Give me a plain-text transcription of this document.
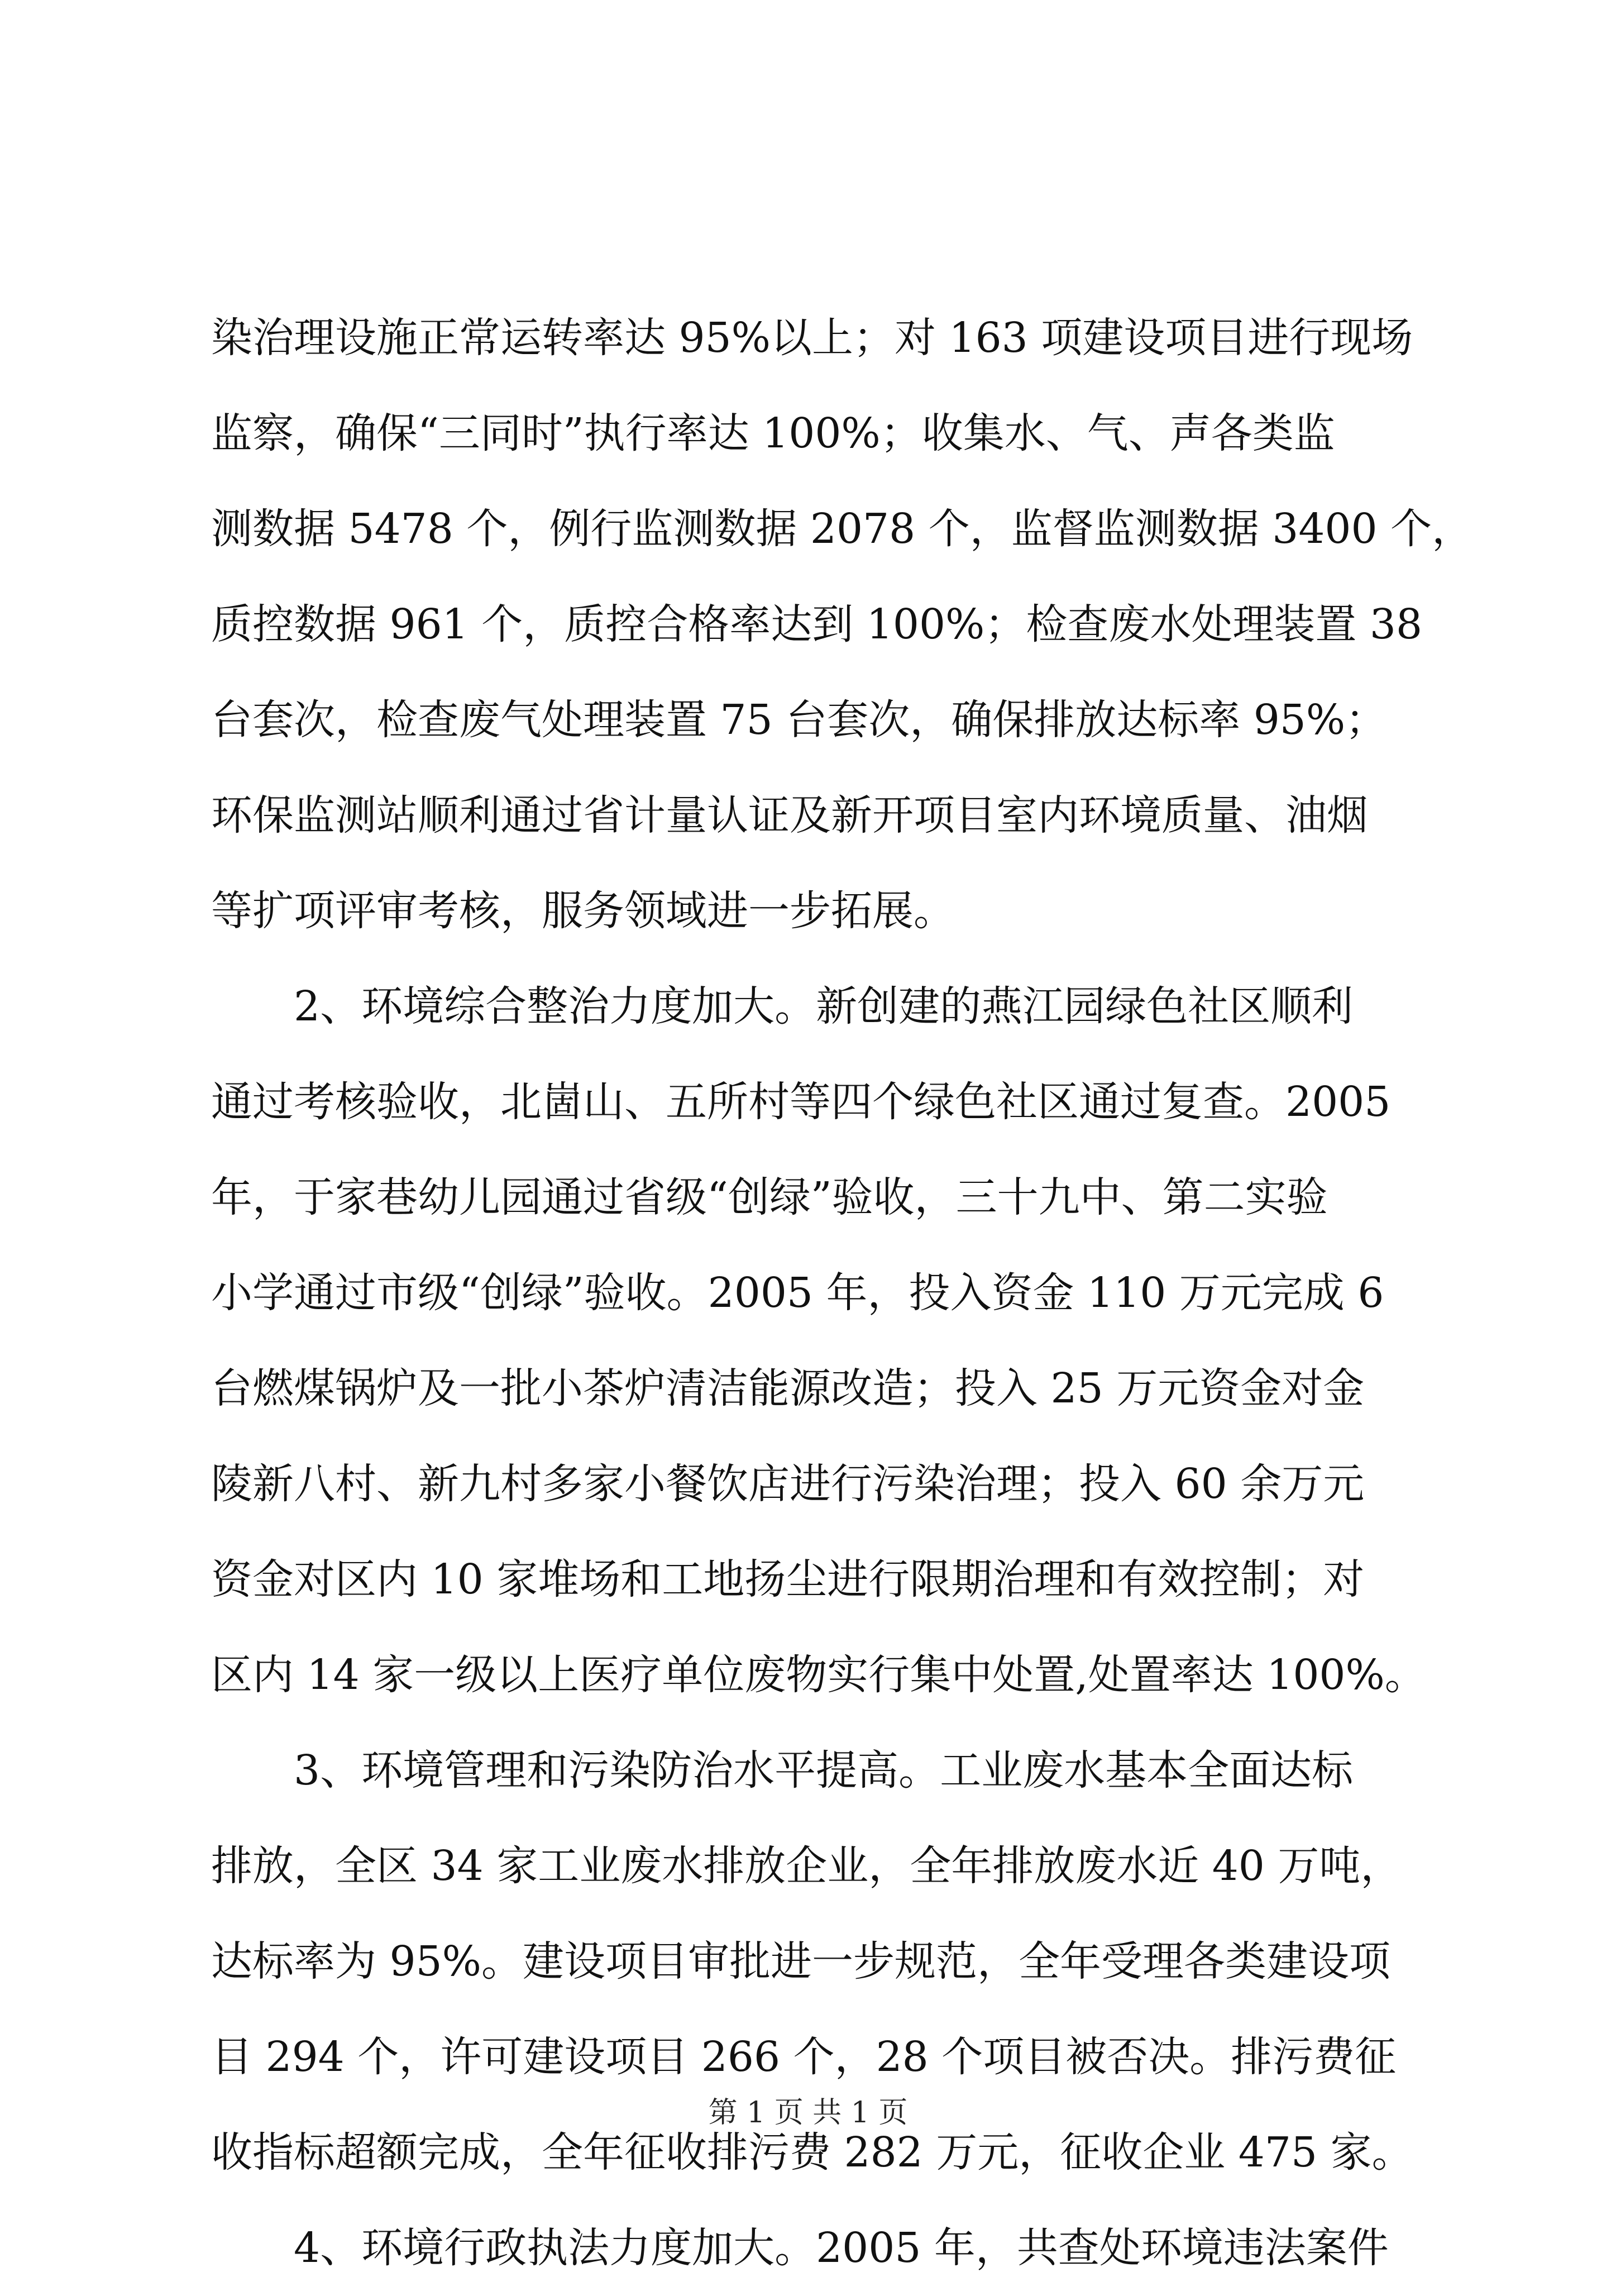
染治理设施正常运转率达 95%以上；对 163 项建设项目进行现场
监察，确保“三同时”执行率达 100%；收集水、气、声各类监
测数据 5478 个，例行监测数据 2078 个，监督监测数据 3400 个，
质控数据 961 个，质控合格率达到 100%；检查废水处理装置 38
台套次，检查废气处理装置 75 台套次，确保排放达标率 95%；
环保监测站顺利通过省计量认证及新开项目室内环境质量、油烟
等扩项评审考核，服务领域进一步拓展。
2、环境综合整治力度加大。新创建的燕江园绿色社区顺利
通过考核验收，北崮山、五所村等四个绿色社区通过复查。2005
年，于家巷幼儿园通过省级“创绿”验收，三十九中、第二实验
小学通过市级“创绿”验收。2005 年，投入资金 110 万元完成 6
台燃煤锅炉及一批小茶炉清洁能源改造；投入 25 万元资金对金
陵新八村、新九村多家小餐饮店进行污染治理；投入 60 余万元
资金对区内 10 家堆场和工地扬尘进行限期治理和有效控制；对
区内 14 家一级以上医疗单位废物实行集中处置,处置率达 100%。
3、环境管理和污染防治水平提高。工业废水基本全面达标
排放，全区 34 家工业废水排放企业，全年排放废水近 40 万吨，
达标率为 95%。建设项目审批进一步规范，全年受理各类建设项
目 294 个，许可建设项目 266 个，28 个项目被否决。排污费征
收指标超额完成，全年征收排污费 282 万元，征收企业 475 家。
4、环境行政执法力度加大。2005 年，共查处环境违法案件
第 1 页 共 1 页
